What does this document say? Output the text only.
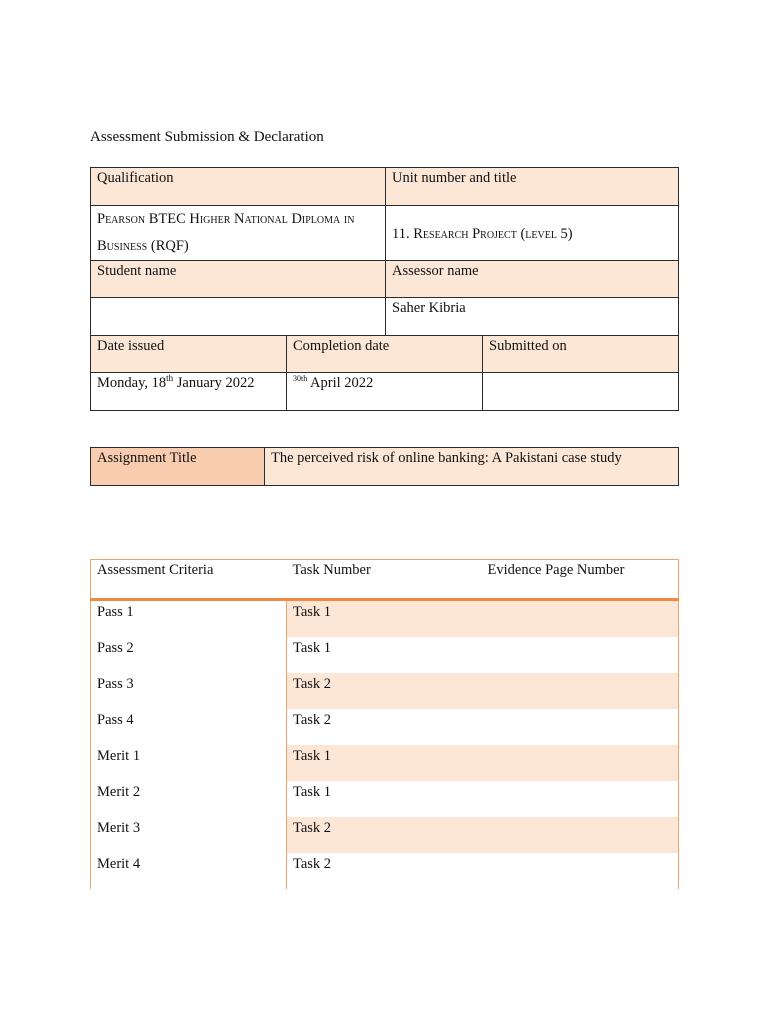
Assessment Submission & Declaration
Qualification		Unit number and title	
Pearson BTEC Higher National Diploma in Business (RQF)		11. Research Project (level 5)	
Student name		Assessor name	
		Saher Kibria	
Date issued	Completion date		Submitted on
Monday, 18th January 2022	$^{30th}$ April 2022		
Assignment Title	The perceived risk of online banking: A Pakistani case study
Assessment Criteria	Task Number	Evidence Page Number
Pass 1	Task 1	
Pass 2	Task 1	
Pass 3	Task 2	
Pass 4	Task 2	
Merit 1	Task 1	
Merit 2	Task 1	
Merit 3	Task 2	
Merit 4	Task 2	
